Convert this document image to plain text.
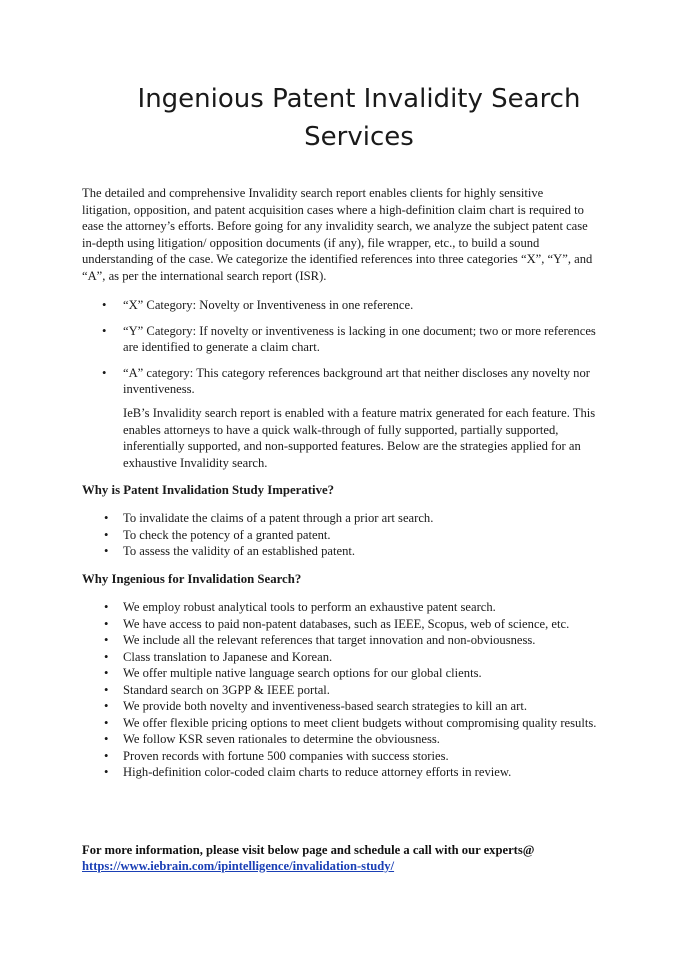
Ingenious Patent Invalidity Search
Services

The detailed and comprehensive Invalidity search report enables clients for highly sensitive litigation, opposition, and patent acquisition cases where a high-definition claim chart is required to ease the attorney’s efforts. Before going for any invalidity search, we analyze the subject patent case in-depth using litigation/ opposition documents (if any), file wrapper, etc., to build a sound understanding of the case. We categorize the identified references into three categories “X”, “Y”, and “A”, as per the international search report (ISR).

• “X” Category: Novelty or Inventiveness in one reference.
• “Y” Category: If novelty or inventiveness is lacking in one document; two or more references are identified to generate a claim chart.
• “A” category: This category references background art that neither discloses any novelty nor inventiveness.

IeB’s Invalidity search report is enabled with a feature matrix generated for each feature. This enables attorneys to have a quick walk-through of fully supported, partially supported, inferentially supported, and non-supported features. Below are the strategies applied for an exhaustive Invalidity search.

Why is Patent Invalidation Study Imperative?
• To invalidate the claims of a patent through a prior art search.
• To check the potency of a granted patent.
• To assess the validity of an established patent.
Why Ingenious for Invalidation Search?
• We employ robust analytical tools to perform an exhaustive patent search.
• We have access to paid non-patent databases, such as IEEE, Scopus, web of science, etc.
• We include all the relevant references that target innovation and non-obviousness.
• Class translation to Japanese and Korean.
• We offer multiple native language search options for our global clients.
• Standard search on 3GPP & IEEE portal.
• We provide both novelty and inventiveness-based search strategies to kill an art.
• We offer flexible pricing options to meet client budgets without compromising quality results.
• We follow KSR seven rationales to determine the obviousness.
• Proven records with fortune 500 companies with success stories.
• High-definition color-coded claim charts to reduce attorney efforts in review.

For more information, please visit below page and schedule a call with our experts@
https://www.iebrain.com/ipintelligence/invalidation-study/
